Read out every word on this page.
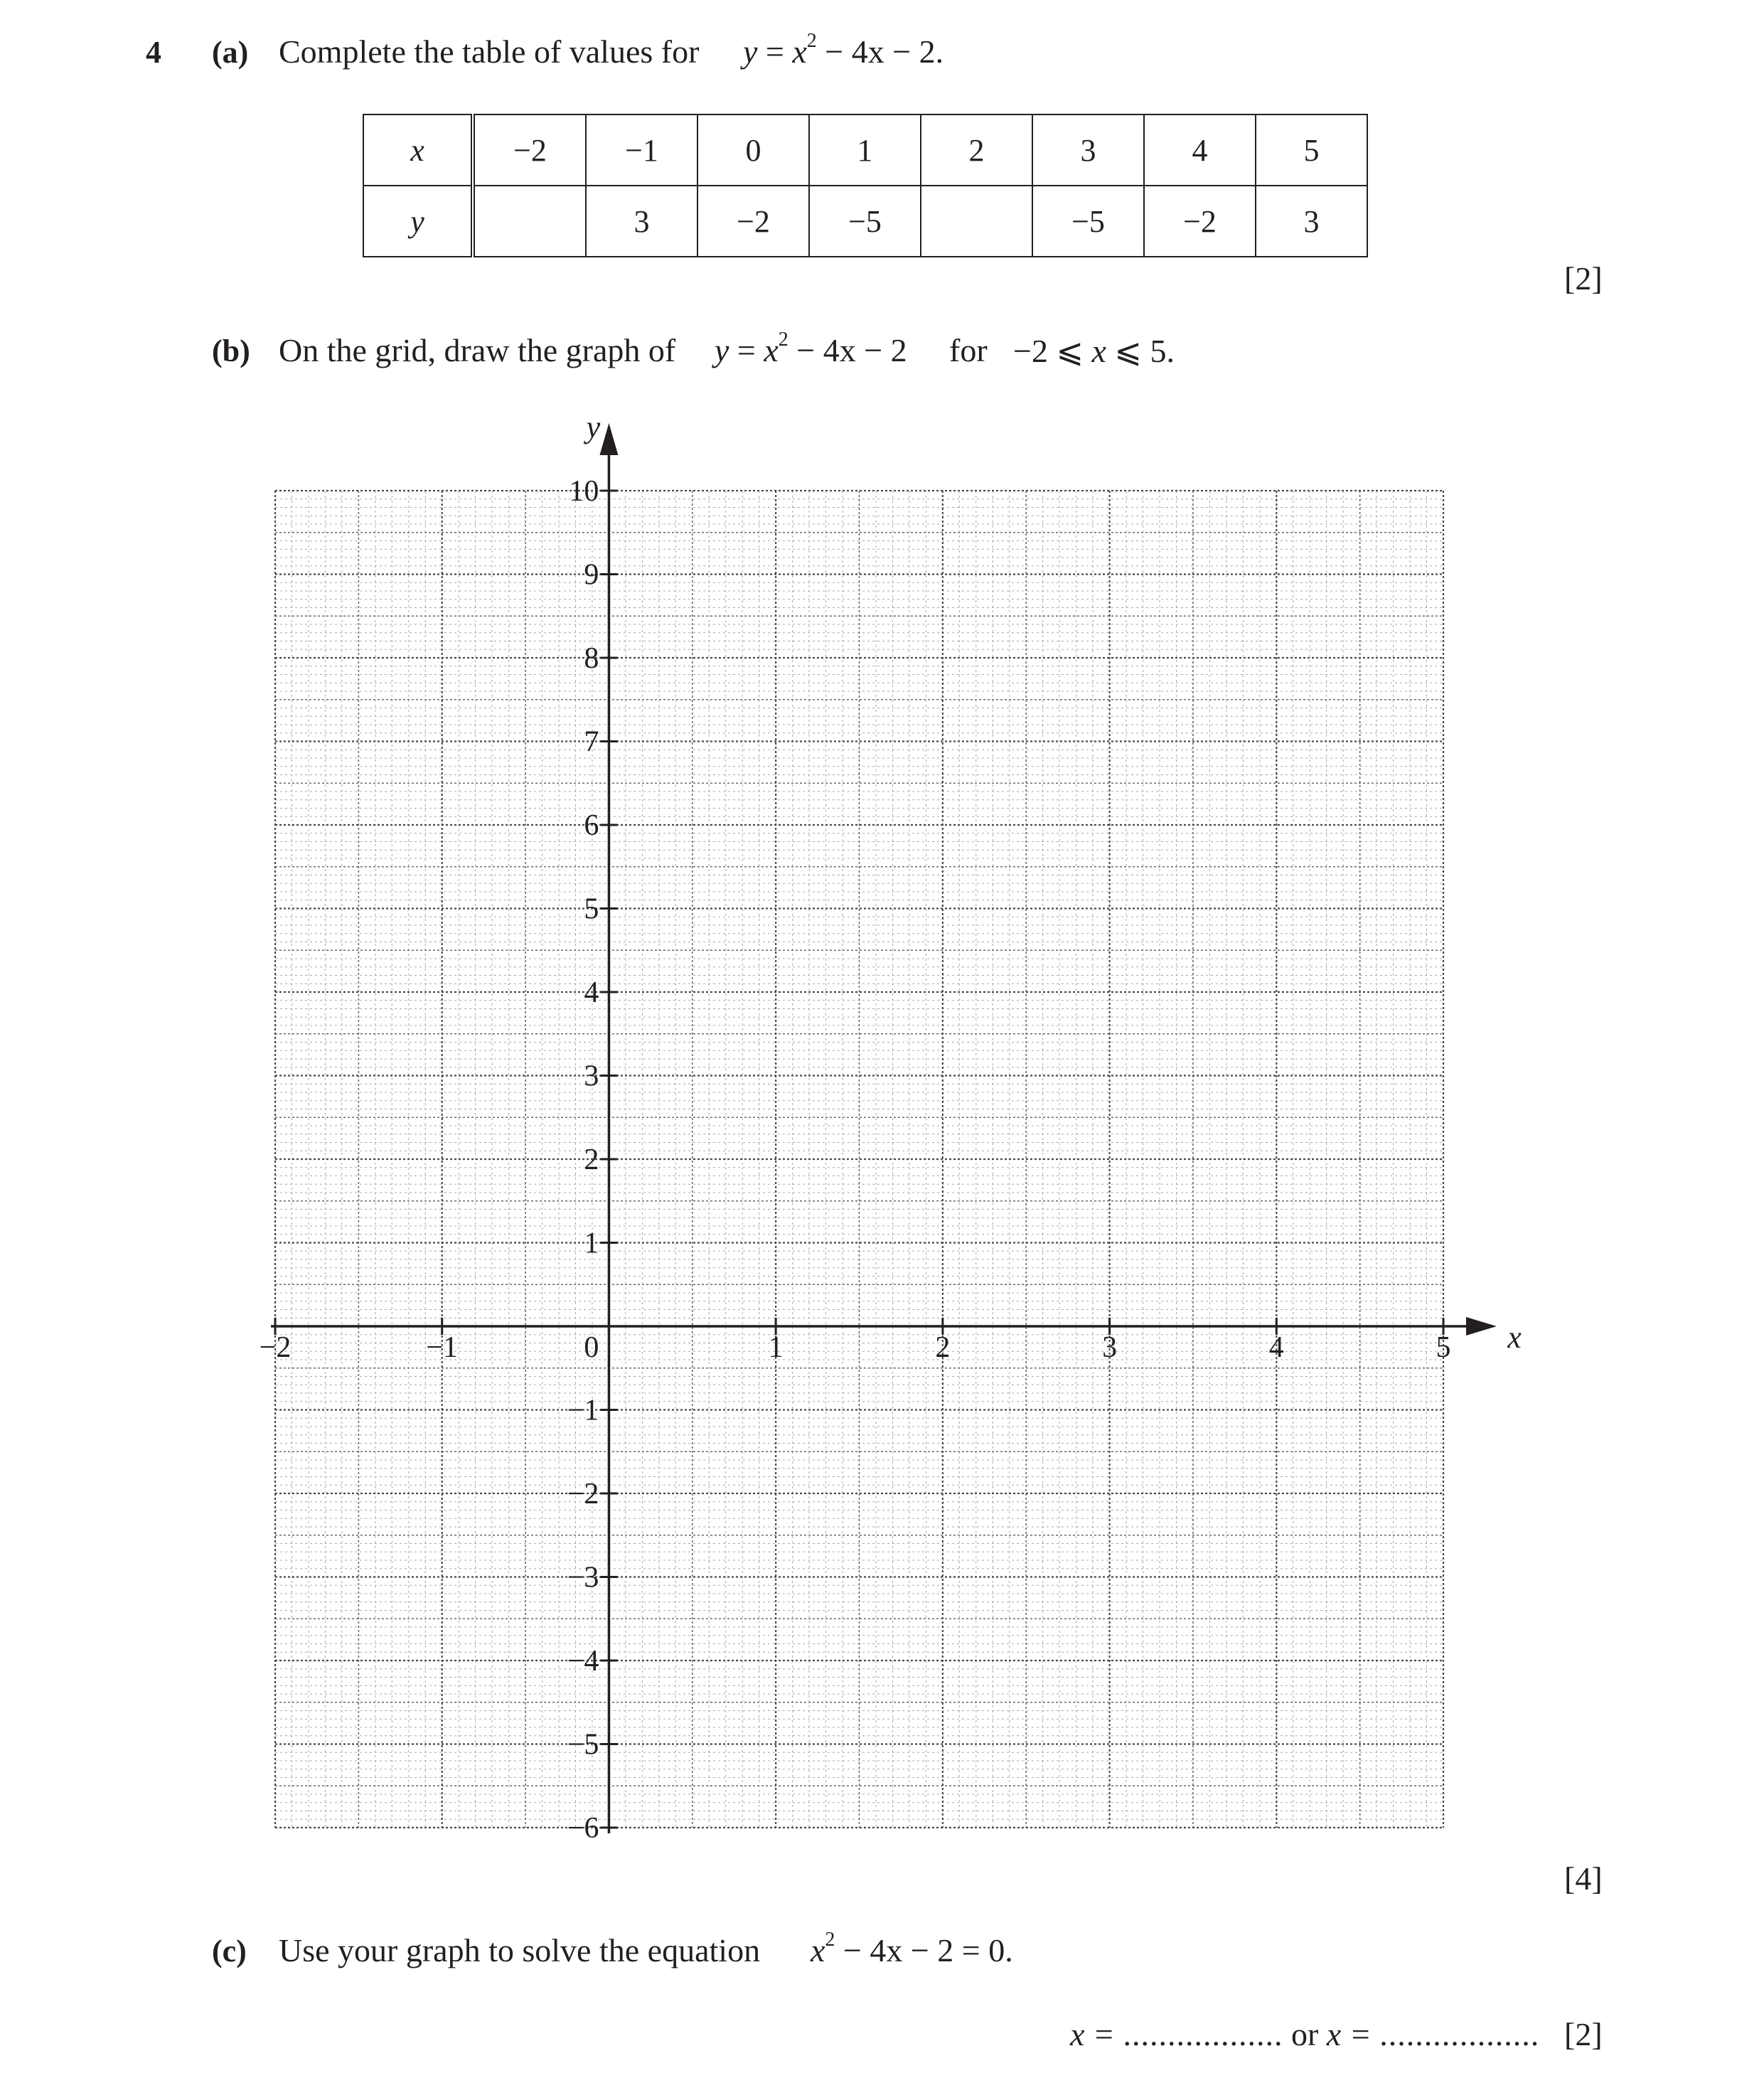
4 (a) Complete the table of values for $y = x^2 - 4x - 2$.
x	−2	−1	0	1	2	3	4	5
y		3	−2	−5		−5	−2	3
[2]
(b) On the grid, draw the graph of $y = x^2 - 4x - 2$ for −2 ⩽ x ⩽ 5.
−2	−1	1	2	3	4	5
−6
−5
−4
−3
−2
−1
1
2
3
4
5
6
7
8
9
10
0	x
y
[4]
(c) Use your graph to solve the equation $x^2 - 4x - 2 = 0$.
x = .................. or x = .................. [2]
